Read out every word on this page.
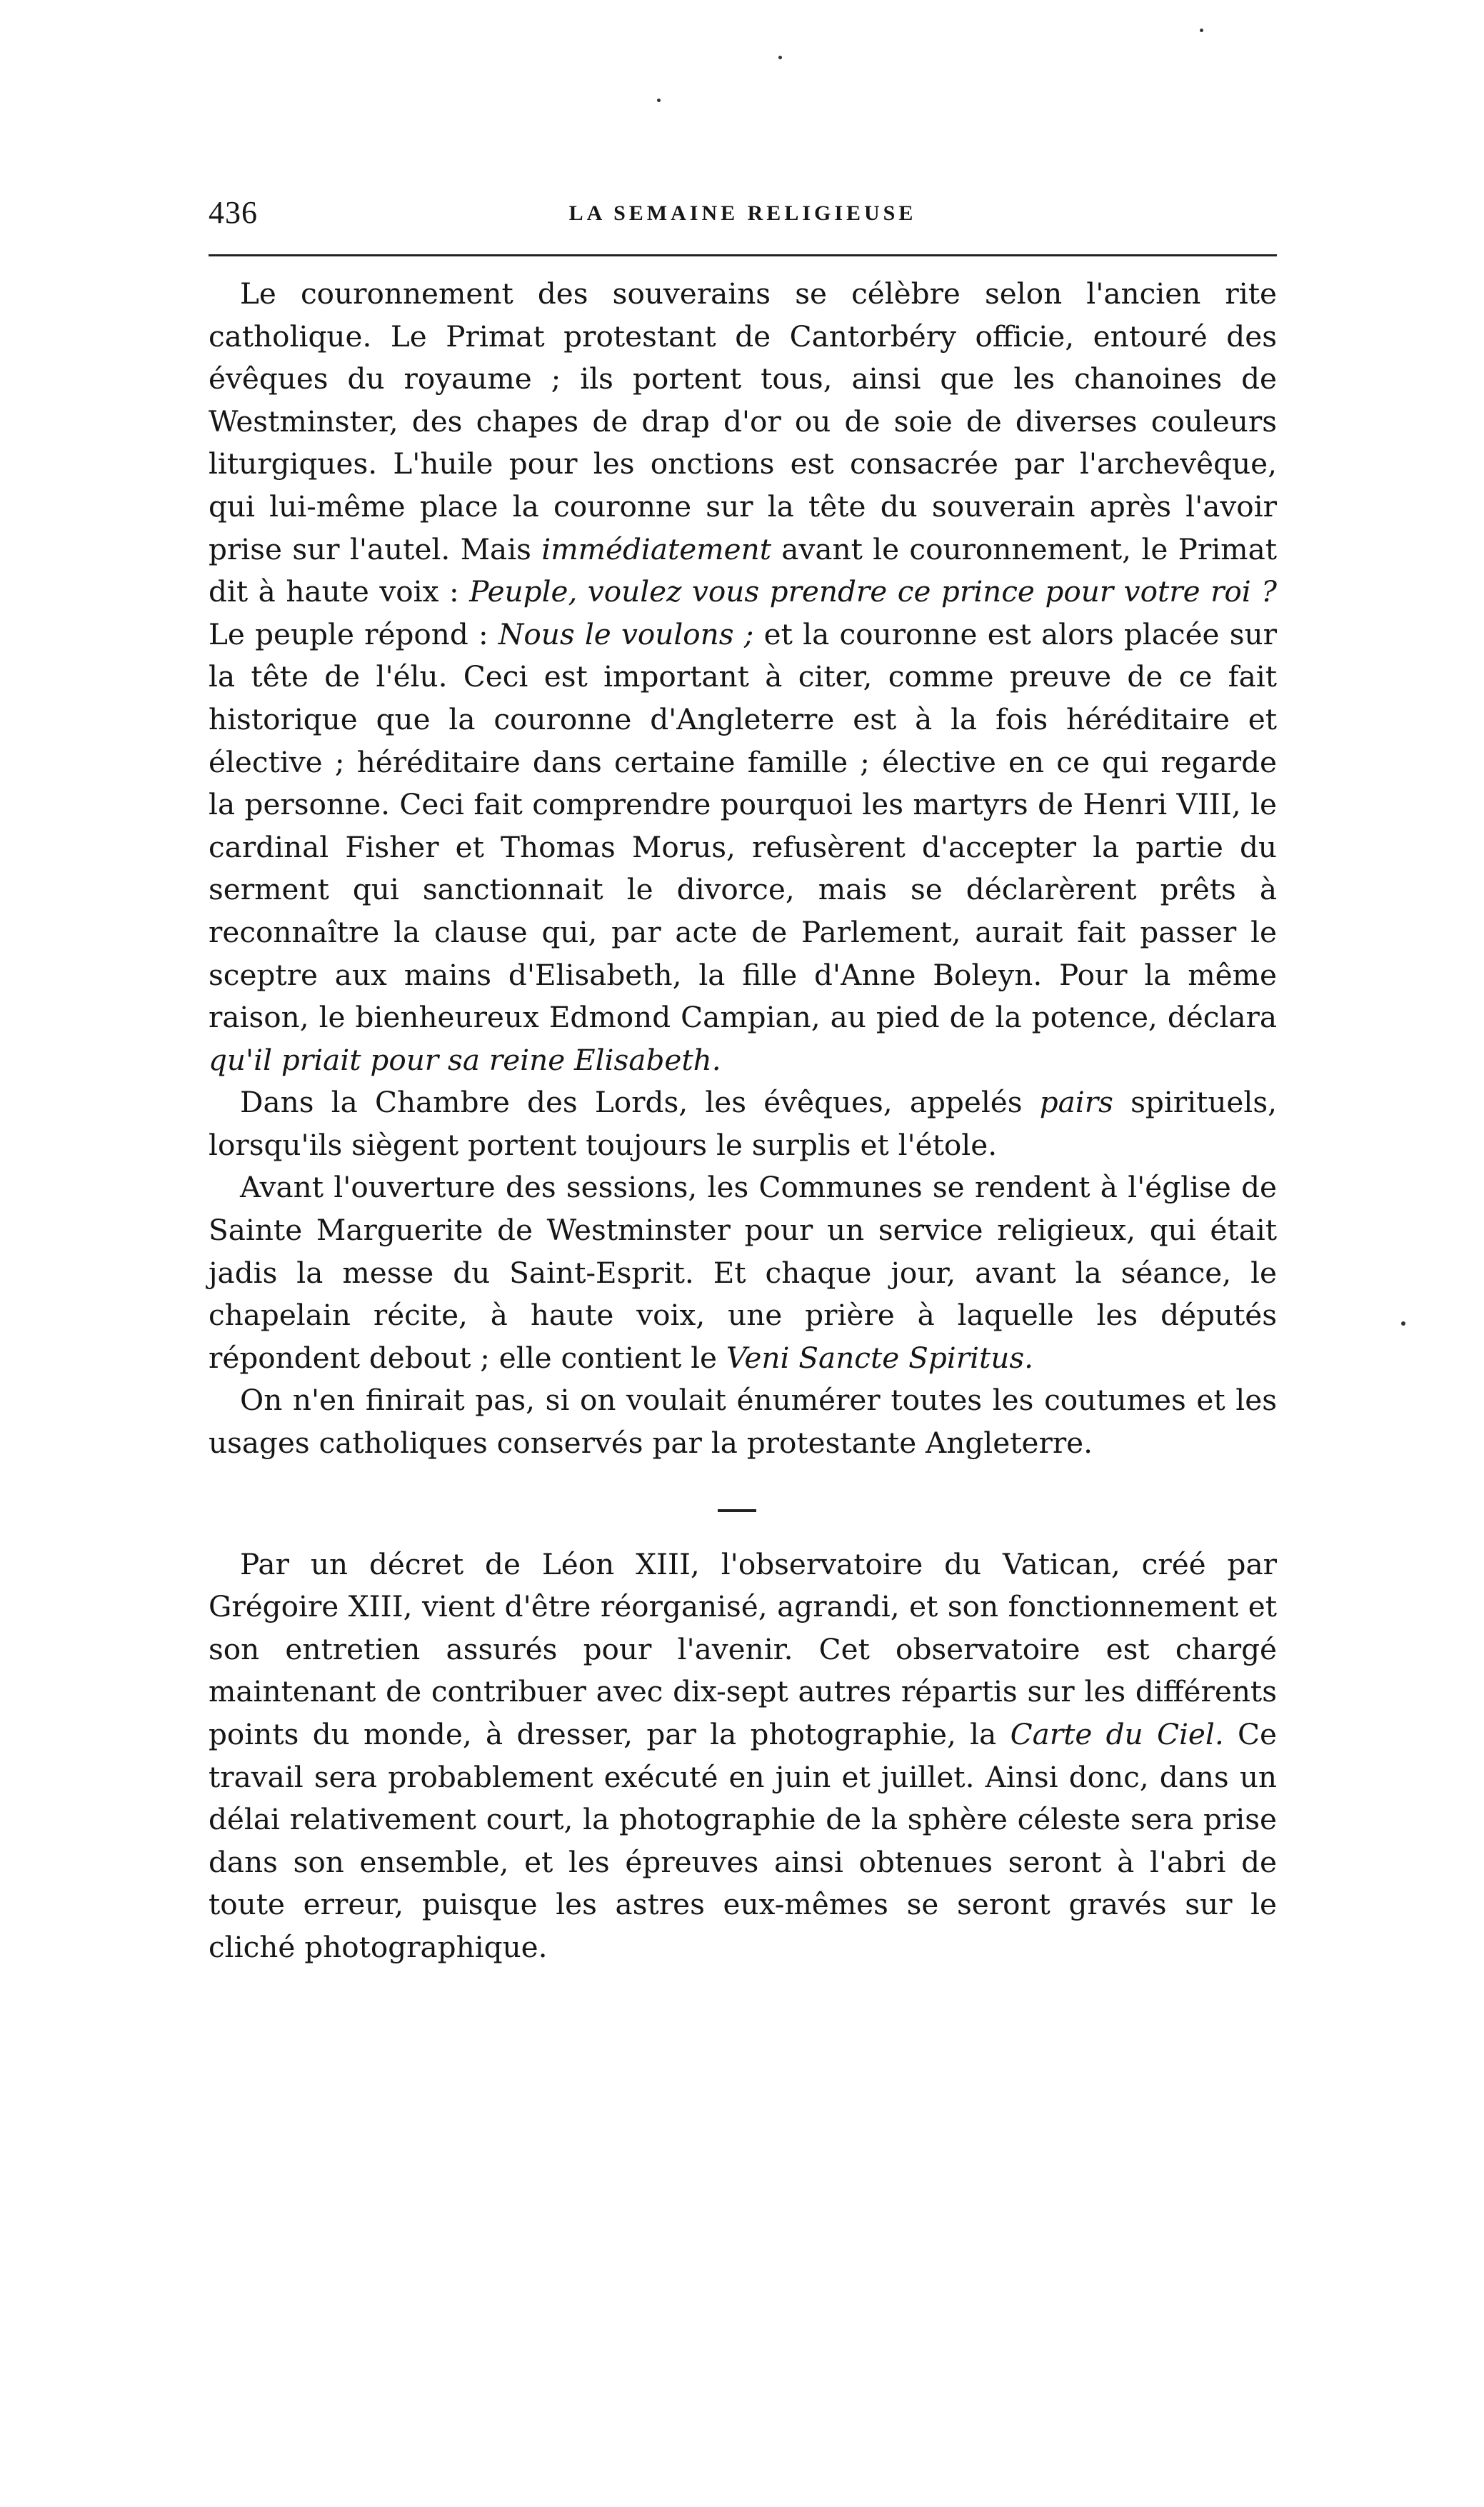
436	LA SEMAINE RELIGIEUSE

Le couronnement des souverains se célèbre selon l'ancien rite catholique. Le Primat protestant de Cantorbéry officie, entouré des évêques du royaume ; ils portent tous, ainsi que les chanoines de Westminster, des chapes de drap d'or ou de soie de diverses couleurs liturgiques. L'huile pour les onctions est consacrée par l'archevêque, qui lui-même place la couronne sur la tête du souverain après l'avoir prise sur l'autel. Mais immédiatement avant le couronnement, le Primat dit à haute voix : Peuple, voulez vous prendre ce prince pour votre roi ? Le peuple répond : Nous le voulons ; et la couronne est alors placée sur la tête de l'élu. Ceci est important à citer, comme preuve de ce fait historique que la couronne d'Angleterre est à la fois héréditaire et élective ; héréditaire dans certaine famille ; élective en ce qui regarde la personne. Ceci fait comprendre pourquoi les martyrs de Henri VIII, le cardinal Fisher et Thomas Morus, refusèrent d'accepter la partie du serment qui sanctionnait le divorce, mais se déclarèrent prêts à reconnaître la clause qui, par acte de Parlement, aurait fait passer le sceptre aux mains d'Elisabeth, la fille d'Anne Boleyn. Pour la même raison, le bienheureux Edmond Campian, au pied de la potence, déclara qu'il priait pour sa reine Elisabeth.

Dans la Chambre des Lords, les évêques, appelés pairs spirituels, lorsqu'ils siègent portent toujours le surplis et l'étole.

Avant l'ouverture des sessions, les Communes se rendent à l'église de Sainte Marguerite de Westminster pour un service religieux, qui était jadis la messe du Saint-Esprit. Et chaque jour, avant la séance, le chapelain récite, à haute voix, une prière à laquelle les députés répondent debout ; elle contient le Veni Sancte Spiritus.

On n'en finirait pas, si on voulait énumérer toutes les coutumes et les usages catholiques conservés par la protestante Angleterre.

Par un décret de Léon XIII, l'observatoire du Vatican, créé par Grégoire XIII, vient d'être réorganisé, agrandi, et son fonctionnement et son entretien assurés pour l'avenir. Cet observatoire est chargé maintenant de contribuer avec dix-sept autres répartis sur les différents points du monde, à dresser, par la photographie, la Carte du Ciel. Ce travail sera probablement exécuté en juin et juillet. Ainsi donc, dans un délai relativement court, la photographie de la sphère céleste sera prise dans son ensemble, et les épreuves ainsi obtenues seront à l'abri de toute erreur, puisque les astres eux-mêmes se seront gravés sur le cliché photographique.
